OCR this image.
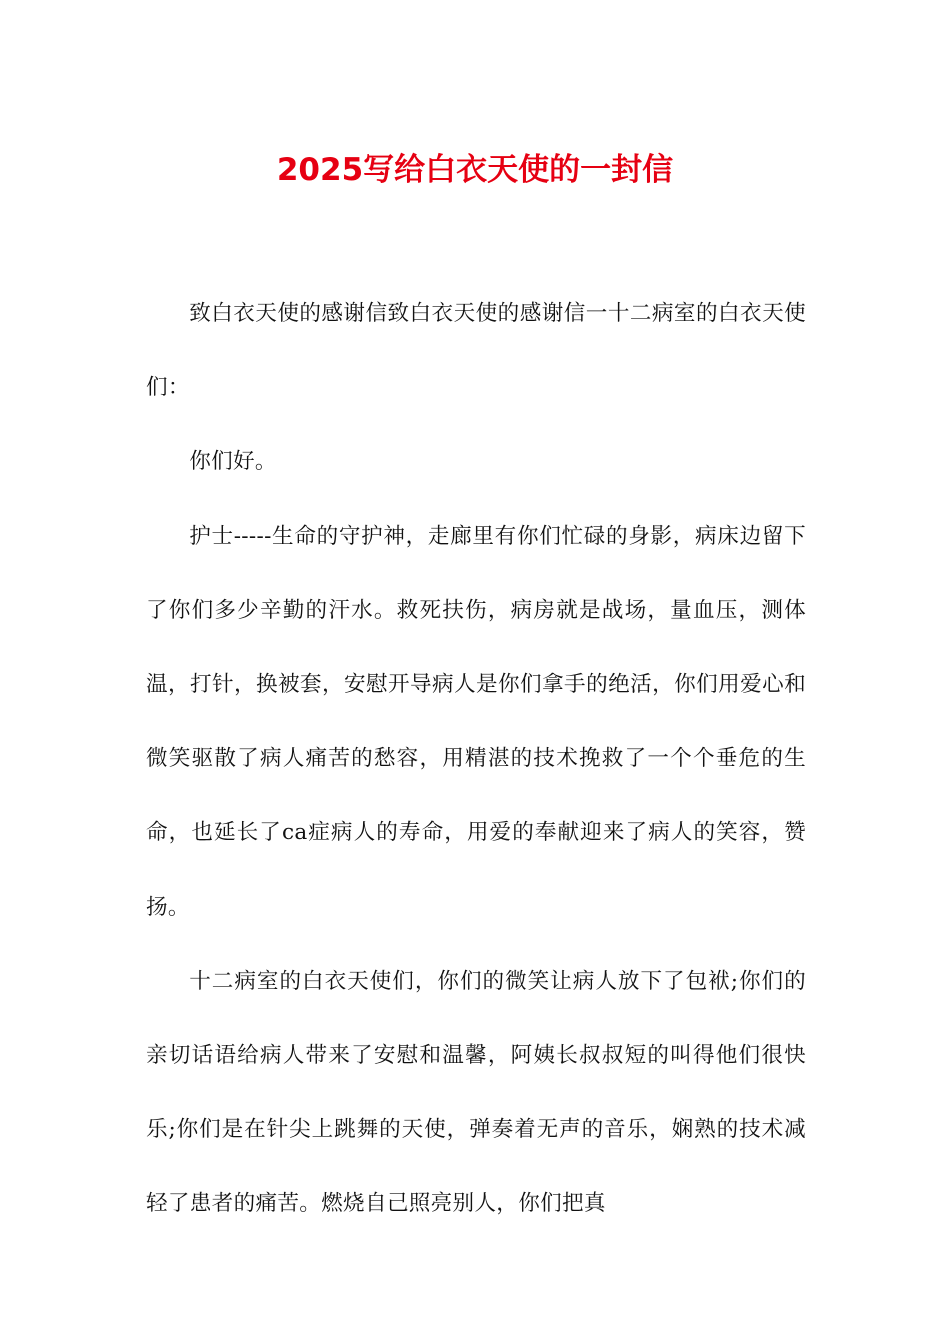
2025写给白衣天使的一封信

致白衣天使的感谢信致白衣天使的感谢信一十二病室的白衣天使们：

你们好。

护士-----生命的守护神，走廊里有你们忙碌的身影，病床边留下了你们多少辛勤的汗水。救死扶伤，病房就是战场，量血压，测体温，打针，换被套，安慰开导病人是你们拿手的绝活，你们用爱心和微笑驱散了病人痛苦的愁容，用精湛的技术挽救了一个个垂危的生命，也延长了ca症病人的寿命，用爱的奉献迎来了病人的笑容，赞扬。

十二病室的白衣天使们，你们的微笑让病人放下了包袱;你们的亲切话语给病人带来了安慰和温馨，阿姨长叔叔短的叫得他们很快乐;你们是在针尖上跳舞的天使，弹奏着无声的音乐，娴熟的技术减轻了患者的痛苦。燃烧自己照亮别人，你们把真
